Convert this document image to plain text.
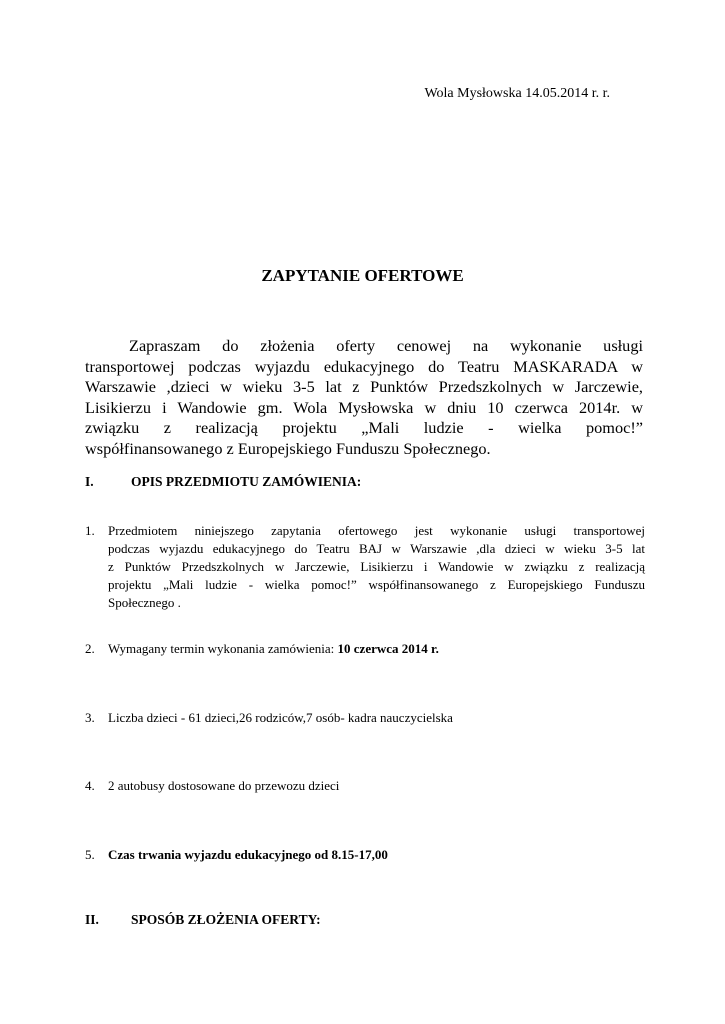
Wola Mysłowska 14.05.2014 r. r.
ZAPYTANIE OFERTOWE
Zapraszam do złożenia oferty cenowej na wykonanie usługi
transportowej podczas wyjazdu edukacyjnego do Teatru MASKARADA w
Warszawie ,dzieci w wieku 3-5 lat z Punktów Przedszkolnych w Jarczewie,
Lisikierzu i Wandowie gm. Wola Mysłowska w dniu 10 czerwca 2014r. w
związku z realizacją projektu „Mali ludzie - wielka pomoc!”
współfinansowanego z Europejskiego Funduszu Społecznego.
I.	OPIS PRZEDMIOTU ZAMÓWIENIA:
1.	Przedmiotem niniejszego zapytania ofertowego jest wykonanie usługi transportowej
podczas wyjazdu edukacyjnego do Teatru BAJ w Warszawie ,dla dzieci w wieku 3-5 lat
z Punktów Przedszkolnych w Jarczewie, Lisikierzu i Wandowie w związku z realizacją
projektu „Mali ludzie - wielka pomoc!” współfinansowanego z Europejskiego Funduszu
Społecznego .
2.	Wymagany termin wykonania zamówienia: 10 czerwca 2014 r.
3.	Liczba dzieci - 61 dzieci,26 rodziców,7 osób- kadra nauczycielska
4.	2 autobusy dostosowane do przewozu dzieci
5.	Czas trwania wyjazdu edukacyjnego od 8.15-17,00
II. SPOSÓB ZŁOŻENIA OFERTY:
